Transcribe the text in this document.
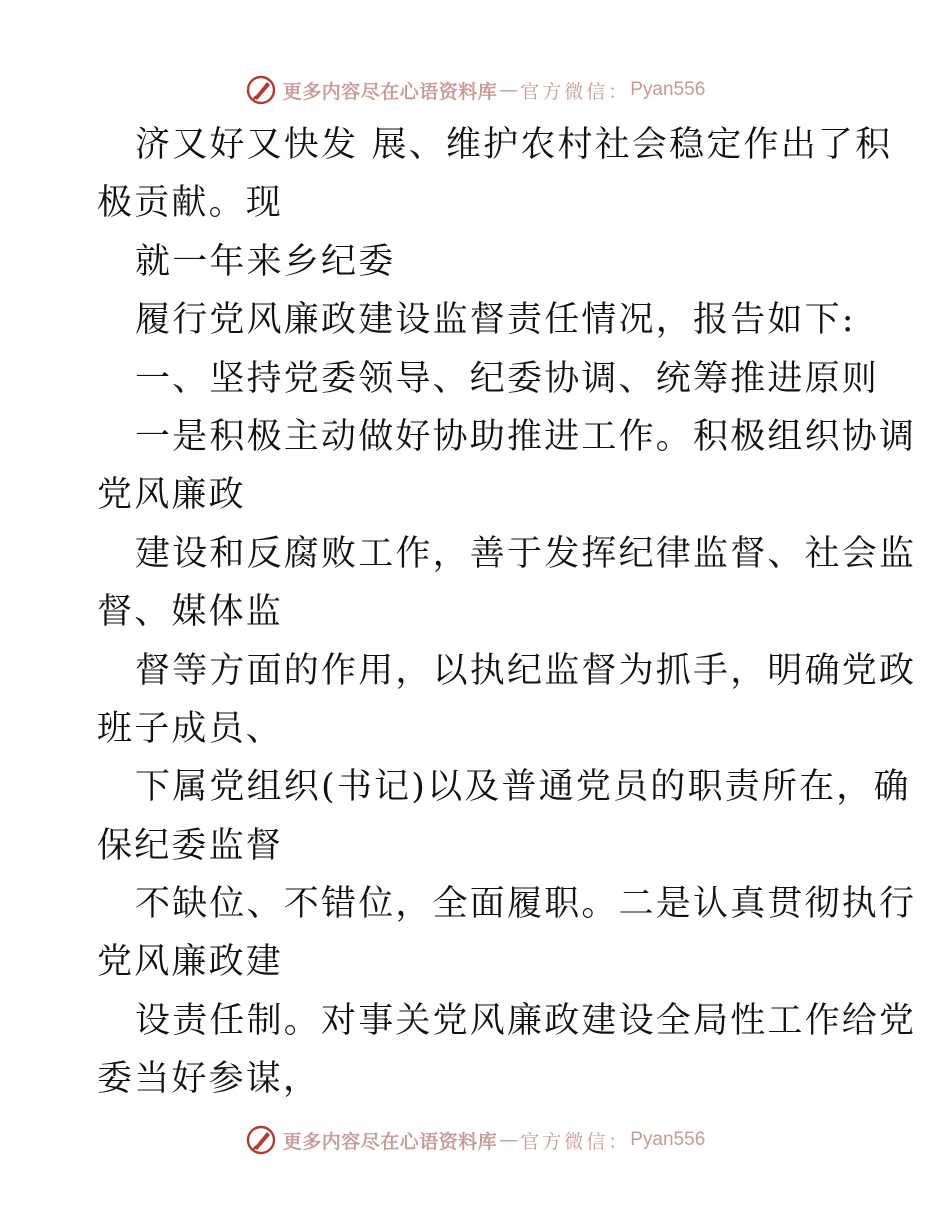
更多内容尽在心语资料库 — 官方微信： Pyan556
济又好又快发 展、维护农村社会稳定作出了积
极贡献。现
就一年来乡纪委
履行党风廉政建设监督责任情况，报告如下:
一、坚持党委领导、纪委协调、统筹推进原则
一是积极主动做好协助推进工作。积极组织协调
党风廉政
建设和反腐败工作，善于发挥纪律监督、社会监
督、媒体监
督等方面的作用，以执纪监督为抓手，明确党政
班子成员、
下属党组织(书记)以及普通党员的职责所在，确
保纪委监督
不缺位、不错位，全面履职。二是认真贯彻执行
党风廉政建
设责任制。对事关党风廉政建设全局性工作给党
委当好参谋，
更多内容尽在心语资料库 — 官方微信： Pyan556
